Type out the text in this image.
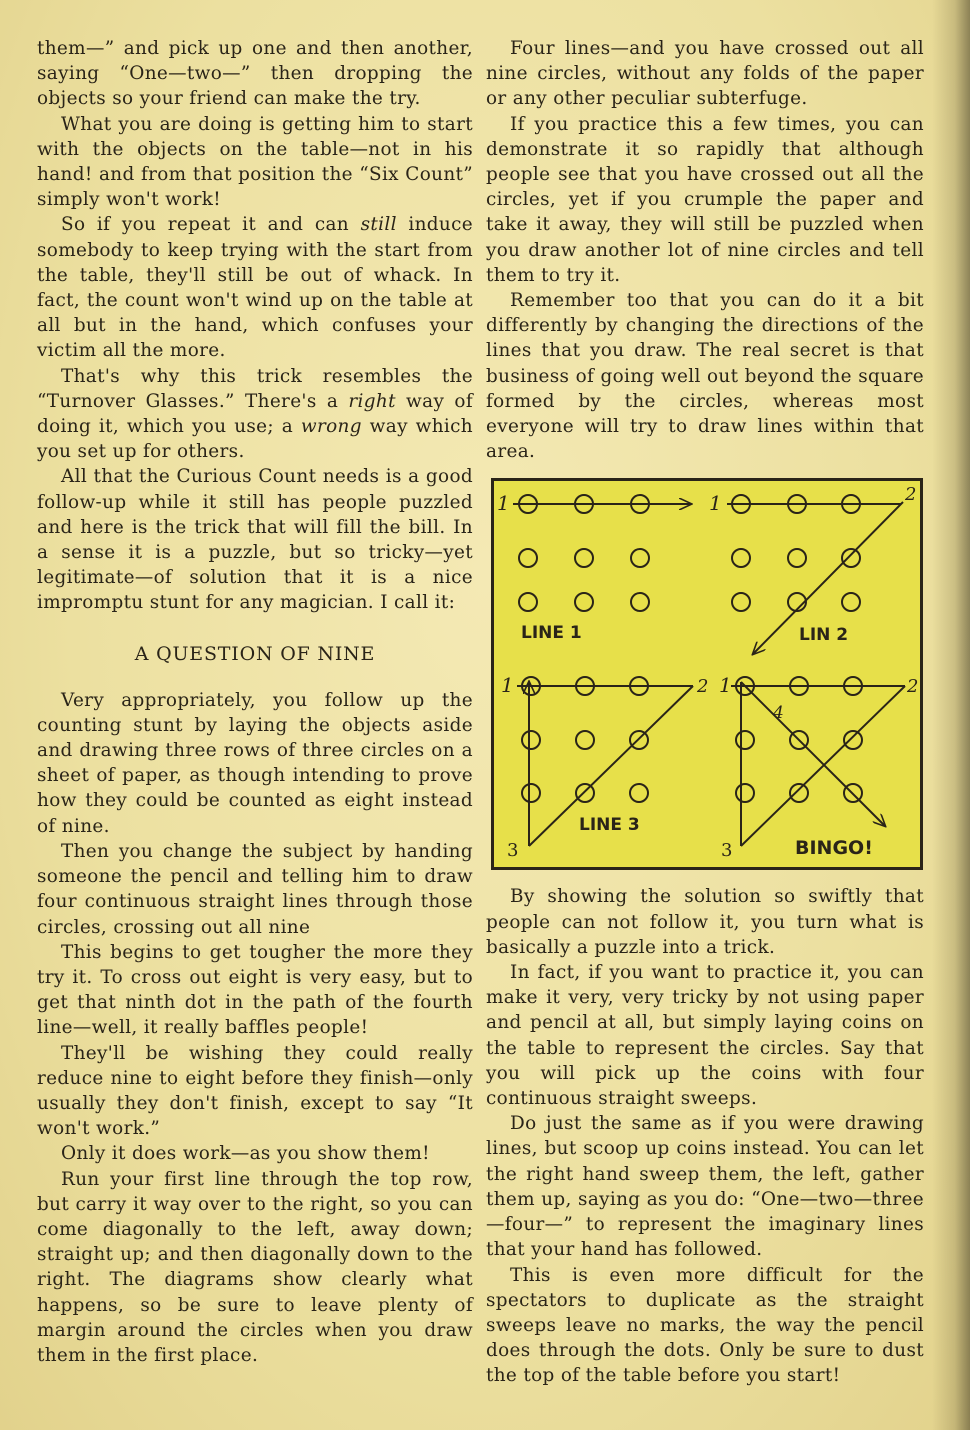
them—” and pick up one and then another, saying “One—two—” then dropping the objects so your friend can make the try.

What you are doing is getting him to start with the objects on the table—not in his hand! and from that position the “Six Count” simply won't work!

So if you repeat it and can still induce somebody to keep trying with the start from the table, they'll still be out of whack. In fact, the count won't wind up on the table at all but in the hand, which confuses your victim all the more.

That's why this trick resembles the “Turnover Glasses.” There's a right way of doing it, which you use; a wrong way which you set up for others.

All that the Curious Count needs is a good follow-up while it still has people puzzled and here is the trick that will fill the bill. In a sense it is a puzzle, but so tricky—yet legitimate—of solution that it is a nice impromptu stunt for any magician. I call it:

A QUESTION OF NINE

Very appropriately, you follow up the counting stunt by laying the objects aside and drawing three rows of three circles on a sheet of paper, as though intending to prove how they could be counted as eight instead of nine.

Then you change the subject by handing someone the pencil and telling him to draw four continuous straight lines through those circles, crossing out all nine

This begins to get tougher the more they try it. To cross out eight is very easy, but to get that ninth dot in the path of the fourth line—well, it really baffles people!

They'll be wishing they could really reduce nine to eight before they finish—only usually they don't finish, except to say “It won't work.”

Only it does work—as you show them!

Run your first line through the top row, but carry it way over to the right, so you can come diagonally to the left, away down; straight up; and then diagonally down to the right. The diagrams show clearly what happens, so be sure to leave plenty of margin around the circles when you draw them in the first place.

Four lines—and you have crossed out all nine circles, without any folds of the paper or any other peculiar subterfuge.

If you practice this a few times, you can demonstrate it so rapidly that although people see that you have crossed out all the circles, yet if you crumple the paper and take it away, they will still be puzzled when you draw another lot of nine circles and tell them to try it.

Remember too that you can do it a bit differently by changing the directions of the lines that you draw. The real secret is that business of going well out beyond the square formed by the circles, whereas most everyone will try to draw lines within that area.

1
LINE 1
1	2
LIN 2
1	2
3
LINE 3
1	2
3
4
BINGO!

By showing the solution so swiftly that people can not follow it, you turn what is basically a puzzle into a trick.

In fact, if you want to practice it, you can make it very, very tricky by not using paper and pencil at all, but simply laying coins on the table to represent the circles. Say that you will pick up the coins with four continuous straight sweeps.

Do just the same as if you were drawing lines, but scoop up coins instead. You can let the right hand sweep them, the left, gather them up, saying as you do: “One—two—three—four—” to represent the imaginary lines that your hand has followed.

This is even more difficult for the spectators to duplicate as the straight sweeps leave no marks, the way the pencil does through the dots. Only be sure to dust the top of the table before you start!
